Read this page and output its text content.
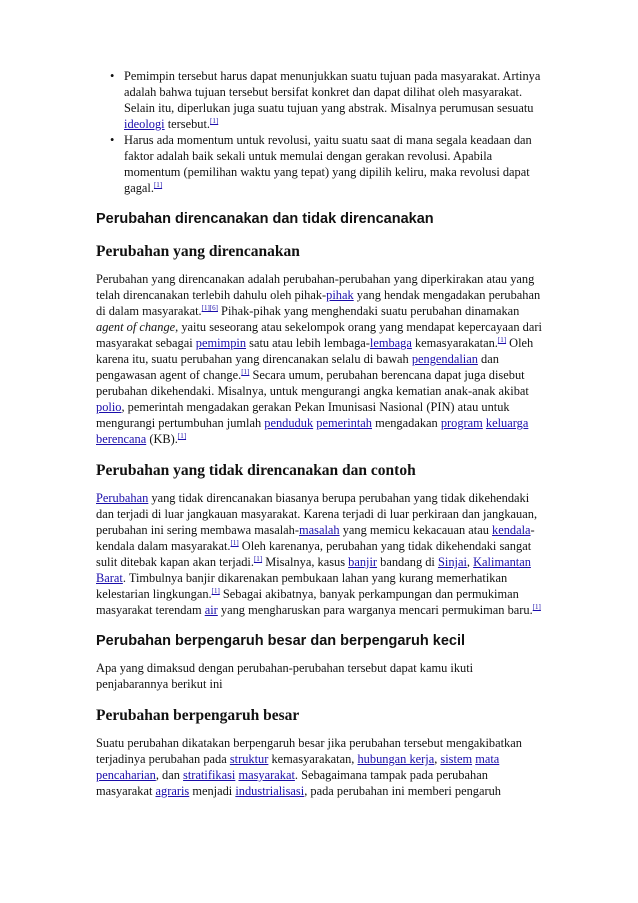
• Pemimpin tersebut harus dapat menunjukkan suatu tujuan pada masyarakat. Artinya adalah bahwa tujuan tersebut bersifat konkret dan dapat dilihat oleh masyarakat. Selain itu, diperlukan juga suatu tujuan yang abstrak. Misalnya perumusan sesuatu ideologi tersebut.[1]
• Harus ada momentum untuk revolusi, yaitu suatu saat di mana segala keadaan dan faktor adalah baik sekali untuk memulai dengan gerakan revolusi. Apabila momentum (pemilihan waktu yang tepat) yang dipilih keliru, maka revolusi dapat gagal.[1]
Perubahan direncanakan dan tidak direncanakan
Perubahan yang direncanakan

Perubahan yang direncanakan adalah perubahan-perubahan yang diperkirakan atau yang telah direncanakan terlebih dahulu oleh pihak-pihak yang hendak mengadakan perubahan di dalam masyarakat.[1][6] Pihak-pihak yang menghendaki suatu perubahan dinamakan agent of change, yaitu seseorang atau sekelompok orang yang mendapat kepercayaan dari masyarakat sebagai pemimpin satu atau lebih lembaga-lembaga kemasyarakatan.[1] Oleh karena itu, suatu perubahan yang direncanakan selalu di bawah pengendalian dan pengawasan agent of change.[1] Secara umum, perubahan berencana dapat juga disebut perubahan dikehendaki. Misalnya, untuk mengurangi angka kematian anak-anak akibat polio, pemerintah mengadakan gerakan Pekan Imunisasi Nasional (PIN) atau untuk mengurangi pertumbuhan jumlah penduduk pemerintah mengadakan program keluarga berencana (KB).[1]

Perubahan yang tidak direncanakan dan contoh

Perubahan yang tidak direncanakan biasanya berupa perubahan yang tidak dikehendaki dan terjadi di luar jangkauan masyarakat. Karena terjadi di luar perkiraan dan jangkauan, perubahan ini sering membawa masalah-masalah yang memicu kekacauan atau kendala-kendala dalam masyarakat.[1] Oleh karenanya, perubahan yang tidak dikehendaki sangat sulit ditebak kapan akan terjadi.[1] Misalnya, kasus banjir bandang di Sinjai, Kalimantan Barat. Timbulnya banjir dikarenakan pembukaan lahan yang kurang memerhatikan kelestarian lingkungan.[1] Sebagai akibatnya, banyak perkampungan dan permukiman masyarakat terendam air yang mengharuskan para warganya mencari permukiman baru.[1]

Perubahan berpengaruh besar dan berpengaruh kecil

Apa yang dimaksud dengan perubahan-perubahan tersebut dapat kamu ikuti penjabarannya berikut ini

Perubahan berpengaruh besar

Suatu perubahan dikatakan berpengaruh besar jika perubahan tersebut mengakibatkan terjadinya perubahan pada struktur kemasyarakatan, hubungan kerja, sistem mata pencaharian, dan stratifikasi masyarakat. Sebagaimana tampak pada perubahan masyarakat agraris menjadi industrialisasi, pada perubahan ini memberi pengaruh
